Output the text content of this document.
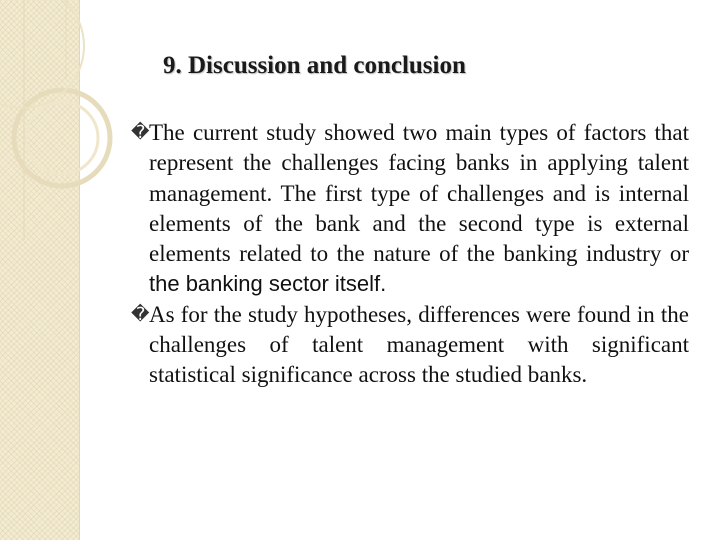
9. Discussion and conclusion

� The current study showed two main types of factors that represent the challenges facing banks in applying talent management. The first type of challenges and is internal elements of the bank and the second type is external elements related to the nature of the banking industry or the banking sector itself.

� As for the study hypotheses, differences were found in the challenges of talent management with significant statistical significance across the studied banks.
